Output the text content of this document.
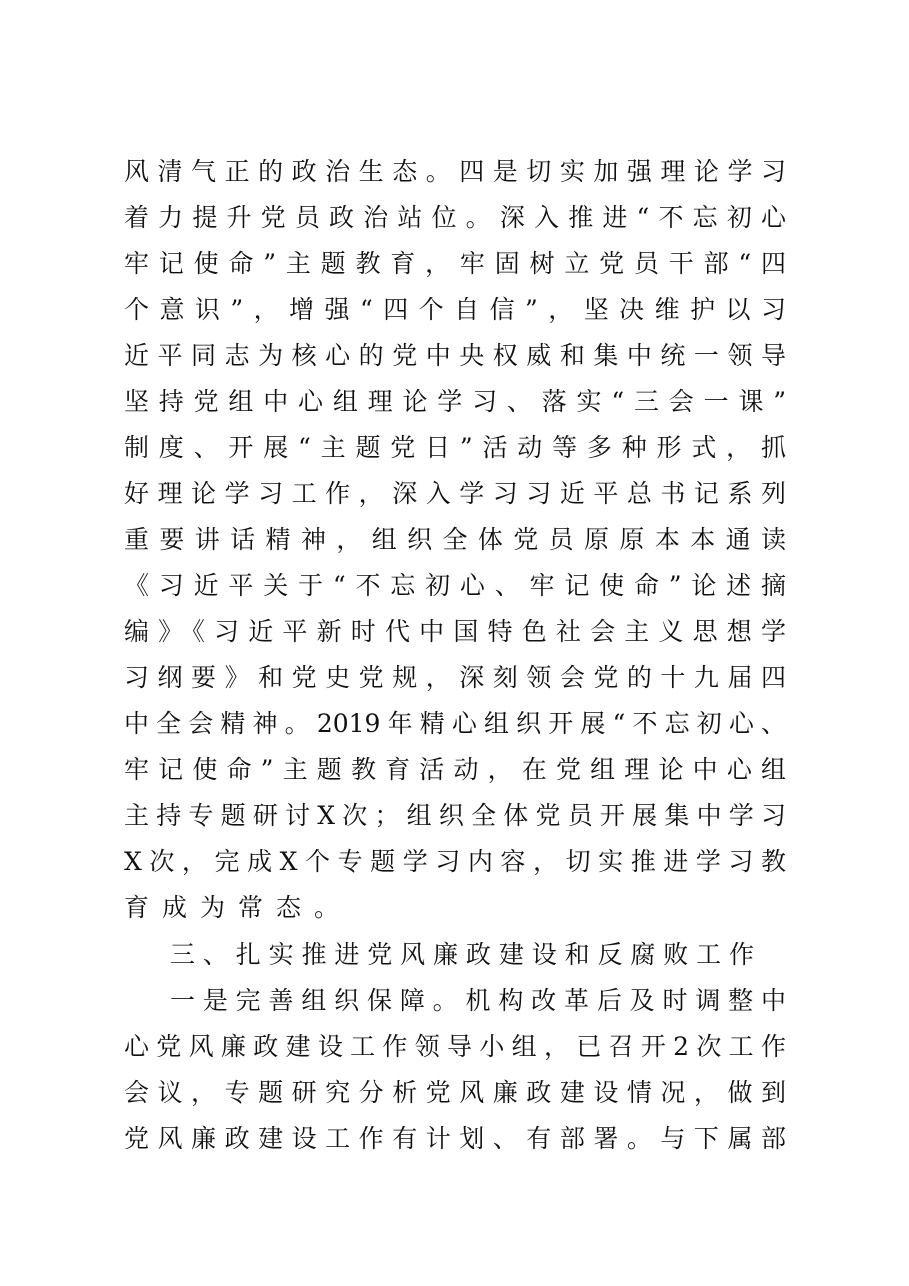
风清气正的政治生态。四是切实加强理论学习
着力提升党员政治站位。深入推进“不忘初心
牢记使命”主题教育，牢固树立党员干部“四
个意识”，增强“四个自信”，坚决维护以习
近平同志为核心的党中央权威和集中统一领导
坚持党组中心组理论学习、落实“三会一课”
制度、开展“主题党日”活动等多种形式，抓
好理论学习工作，深入学习习近平总书记系列
重要讲话精神，组织全体党员原原本本通读
《习近平关于“不忘初心、牢记使命”论述摘
编》《习近平新时代中国特色社会主义思想学
习纲要》和党史党规，深刻领会党的十九届四
中全会精神。2019年精心组织开展“不忘初心、
牢记使命”主题教育活动，在党组理论中心组
主持专题研讨X次；组织全体党员开展集中学习
X次，完成X个专题学习内容，切实推进学习教
育成为常态。
三、扎实推进党风廉政建设和反腐败工作
一是完善组织保障。机构改革后及时调整中
心党风廉政建设工作领导小组，已召开2次工作
会议，专题研究分析党风廉政建设情况，做到
党风廉政建设工作有计划、有部署。与下属部
